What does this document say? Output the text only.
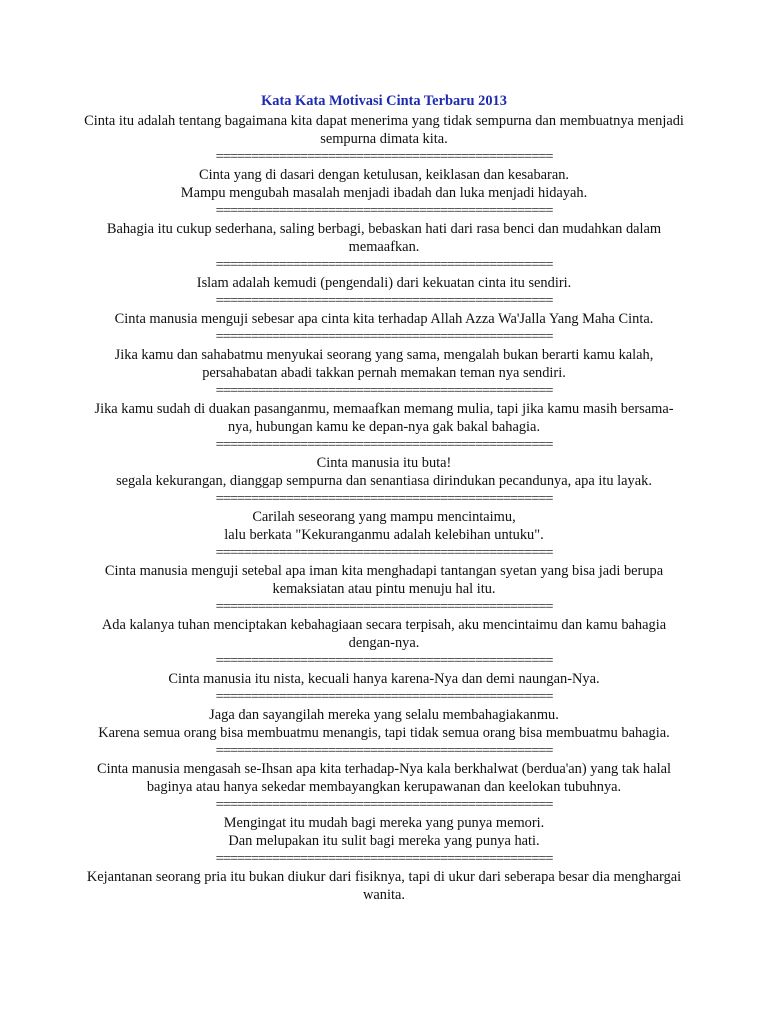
Kata Kata Motivasi Cinta Terbaru 2013
Cinta itu adalah tentang bagaimana kita dapat menerima yang tidak sempurna dan membuatnya menjadi sempurna dimata kita.
================================================
Cinta yang di dasari dengan ketulusan, keiklasan dan kesabaran.
Mampu mengubah masalah menjadi ibadah dan luka menjadi hidayah.
================================================
Bahagia itu cukup sederhana, saling berbagi, bebaskan hati dari rasa benci dan mudahkan dalam memaafkan.
================================================
Islam adalah kemudi (pengendali) dari kekuatan cinta itu sendiri.
================================================
Cinta manusia menguji sebesar apa cinta kita terhadap Allah Azza Wa'Jalla Yang Maha Cinta.
================================================
Jika kamu dan sahabatmu menyukai seorang yang sama, mengalah bukan berarti kamu kalah, persahabatan abadi takkan pernah memakan teman nya sendiri.
================================================
Jika kamu sudah di duakan pasanganmu, memaafkan memang mulia, tapi jika kamu masih bersama-nya, hubungan kamu ke depan-nya gak bakal bahagia.
================================================
Cinta manusia itu buta!
segala kekurangan, dianggap sempurna dan senantiasa dirindukan pecandunya, apa itu layak.
================================================
Carilah seseorang yang mampu mencintaimu,
lalu berkata "Kekuranganmu adalah kelebihan untuku".
================================================
Cinta manusia menguji setebal apa iman kita menghadapi tantangan syetan yang bisa jadi berupa kemaksiatan atau pintu menuju hal itu.
================================================
Ada kalanya tuhan menciptakan kebahagiaan secara terpisah, aku mencintaimu dan kamu bahagia dengan-nya.
================================================
Cinta manusia itu nista, kecuali hanya karena-Nya dan demi naungan-Nya.
================================================
Jaga dan sayangilah mereka yang selalu membahagiakanmu.
Karena semua orang bisa membuatmu menangis, tapi tidak semua orang bisa membuatmu bahagia.
================================================
Cinta manusia mengasah se-Ihsan apa kita terhadap-Nya kala berkhalwat (berdua'an) yang tak halal baginya atau hanya sekedar membayangkan kerupawanan dan keelokan tubuhnya.
================================================
Mengingat itu mudah bagi mereka yang punya memori.
Dan melupakan itu sulit bagi mereka yang punya hati.
================================================
Kejantanan seorang pria itu bukan diukur dari fisiknya, tapi di ukur dari seberapa besar dia menghargai wanita.
